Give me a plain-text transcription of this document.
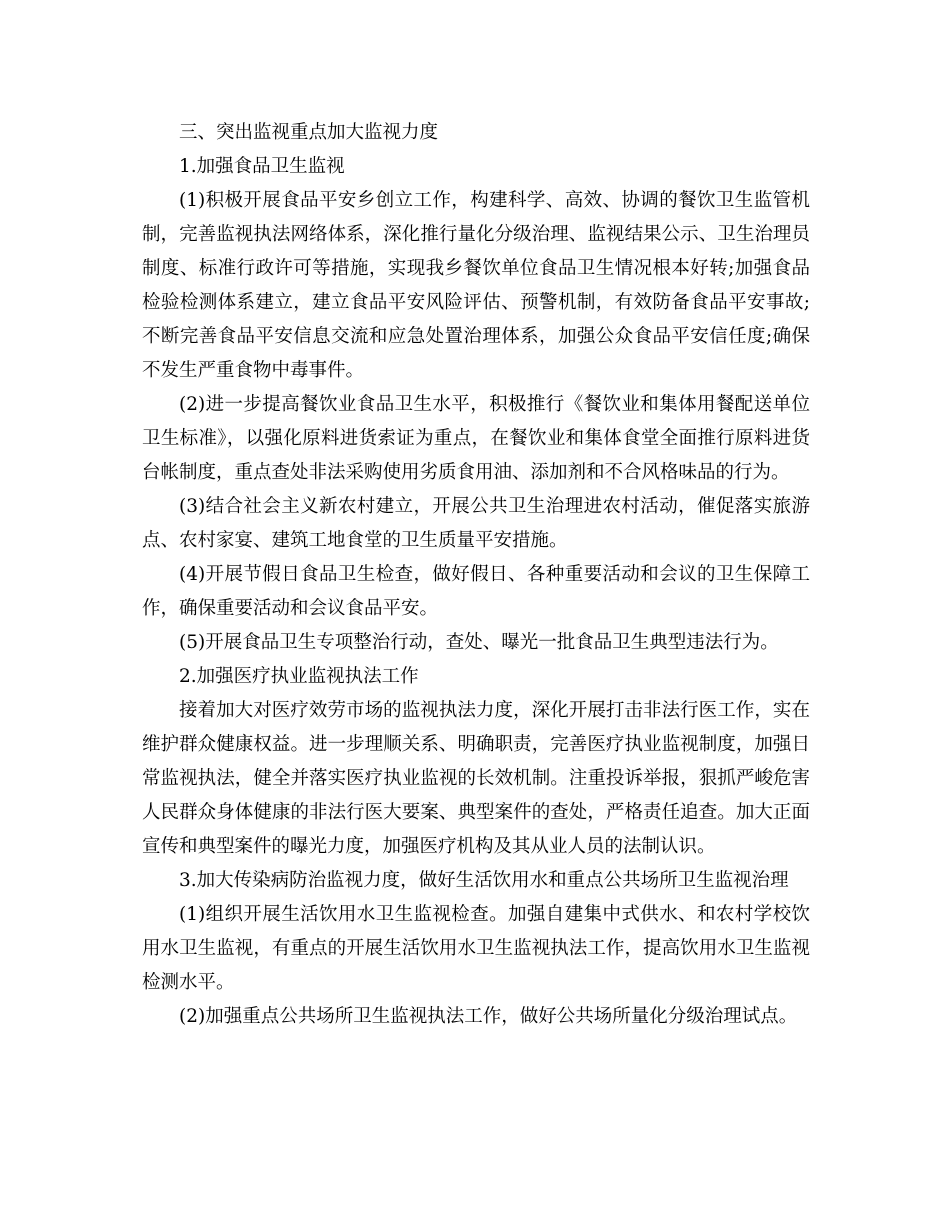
三、突出监视重点加大监视力度

1.加强食品卫生监视

(1)积极开展食品平安乡创立工作，构建科学、高效、协调的餐饮卫生监管机制，完善监视执法网络体系，深化推行量化分级治理、监视结果公示、卫生治理员制度、标准行政许可等措施，实现我乡餐饮单位食品卫生情况根本好转;加强食品检验检测体系建立，建立食品平安风险评估、预警机制，有效防备食品平安事故;不断完善食品平安信息交流和应急处置治理体系，加强公众食品平安信任度;确保不发生严重食物中毒事件。

(2)进一步提高餐饮业食品卫生水平，积极推行《餐饮业和集体用餐配送单位卫生标准》，以强化原料进货索证为重点，在餐饮业和集体食堂全面推行原料进货台帐制度，重点查处非法采购使用劣质食用油、添加剂和不合风格味品的行为。

(3)结合社会主义新农村建立，开展公共卫生治理进农村活动，催促落实旅游点、农村家宴、建筑工地食堂的卫生质量平安措施。

(4)开展节假日食品卫生检查，做好假日、各种重要活动和会议的卫生保障工作，确保重要活动和会议食品平安。

(5)开展食品卫生专项整治行动，查处、曝光一批食品卫生典型违法行为。

2.加强医疗执业监视执法工作

接着加大对医疗效劳市场的监视执法力度，深化开展打击非法行医工作，实在维护群众健康权益。进一步理顺关系、明确职责，完善医疗执业监视制度，加强日常监视执法，健全并落实医疗执业监视的长效机制。注重投诉举报，狠抓严峻危害人民群众身体健康的非法行医大要案、典型案件的查处，严格责任追查。加大正面宣传和典型案件的曝光力度，加强医疗机构及其从业人员的法制认识。

3.加大传染病防治监视力度，做好生活饮用水和重点公共场所卫生监视治理

(1)组织开展生活饮用水卫生监视检查。加强自建集中式供水、和农村学校饮用水卫生监视，有重点的开展生活饮用水卫生监视执法工作，提高饮用水卫生监视检测水平。

(2)加强重点公共场所卫生监视执法工作，做好公共场所量化分级治理试点。
